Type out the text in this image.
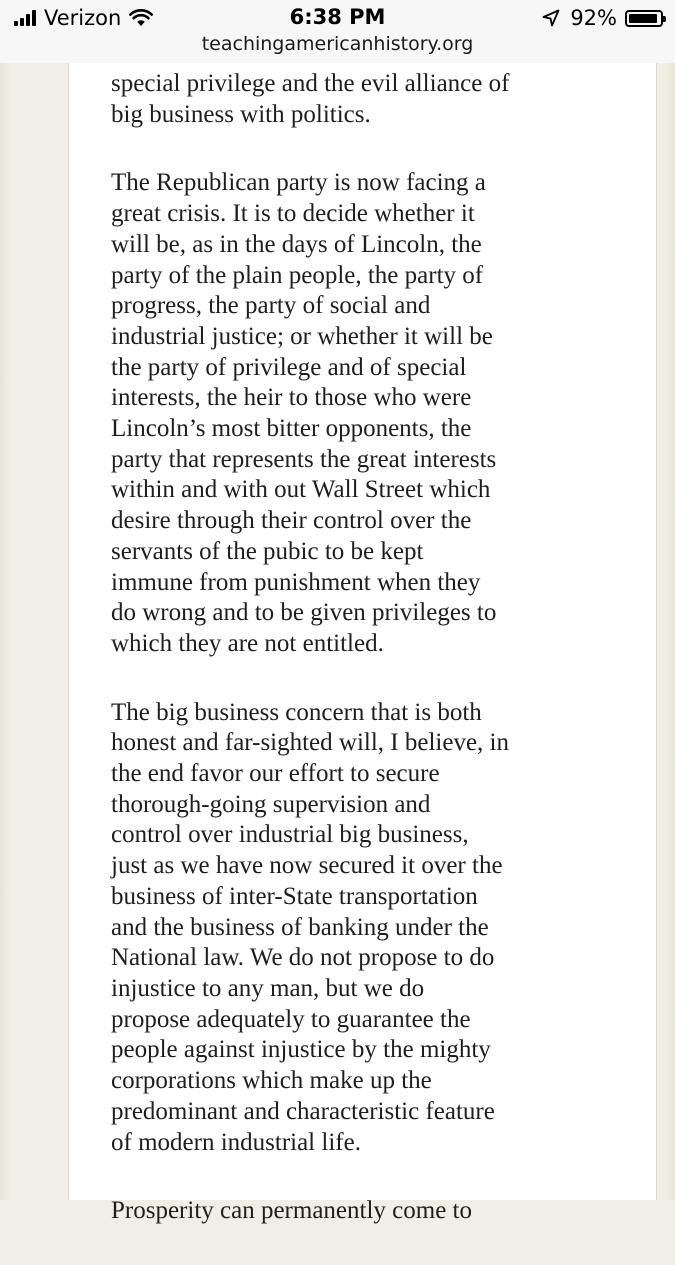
Verizon	6:38 PM	92%
teachingamericanhistory.org

special privilege and the evil alliance of
big business with politics.

The Republican party is now facing a
great crisis. It is to decide whether it
will be, as in the days of Lincoln, the
party of the plain people, the party of
progress, the party of social and
industrial justice; or whether it will be
the party of privilege and of special
interests, the heir to those who were
Lincoln’s most bitter opponents, the
party that represents the great interests
within and with out Wall Street which
desire through their control over the
servants of the pubic to be kept
immune from punishment when they
do wrong and to be given privileges to
which they are not entitled.

The big business concern that is both
honest and far-sighted will, I believe, in
the end favor our effort to secure
thorough-going supervision and
control over industrial big business,
just as we have now secured it over the
business of inter-State transportation
and the business of banking under the
National law. We do not propose to do
injustice to any man, but we do
propose adequately to guarantee the
people against injustice by the mighty
corporations which make up the
predominant and characteristic feature
of modern industrial life.

Prosperity can permanently come to
